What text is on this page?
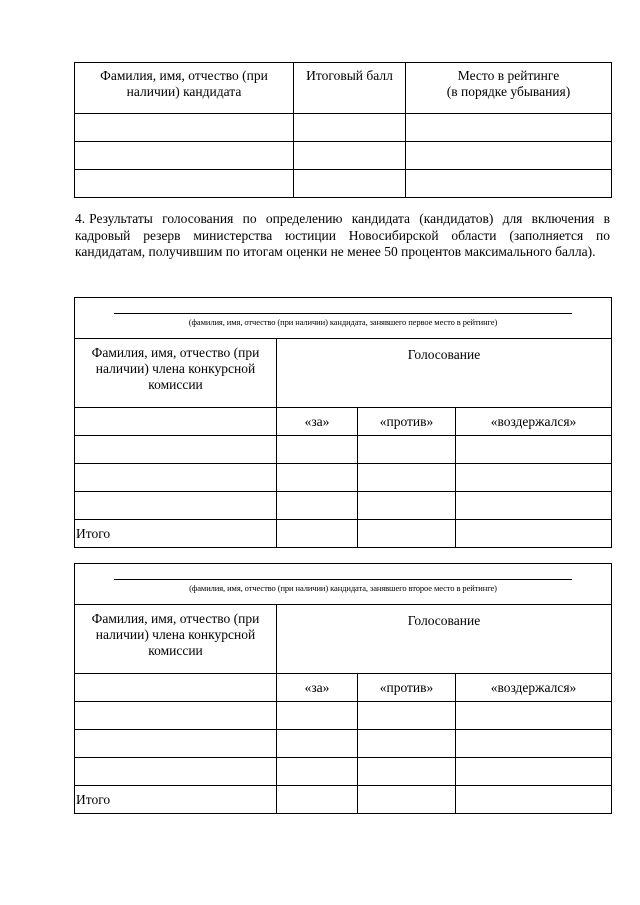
Фамилия, имя, отчество (при
наличии) кандидата	Итоговый балл	Место в рейтинге
(в порядке убывания)

4. Результаты голосования по определению кандидата (кандидатов) для включения в кадровый резерв министерства юстиции Новосибирской области (заполняется по кандидатам, получившим по итогам оценки не менее 50 процентов максимального балла).

(фамилия, имя, отчество (при наличии) кандидата, занявшего первое место в рейтинге)			

Фамилия, имя, отчество (при
наличии) члена конкурсной
комиссии	Голосование		
	«за»	«против»	«воздержался»

Итого			
(фамилия, имя, отчество (при наличии) кандидата, занявшего второе место в рейтинге)			

Фамилия, имя, отчество (при
наличии) члена конкурсной
комиссии	Голосование		
	«за»	«против»	«воздержался»

Итого			
